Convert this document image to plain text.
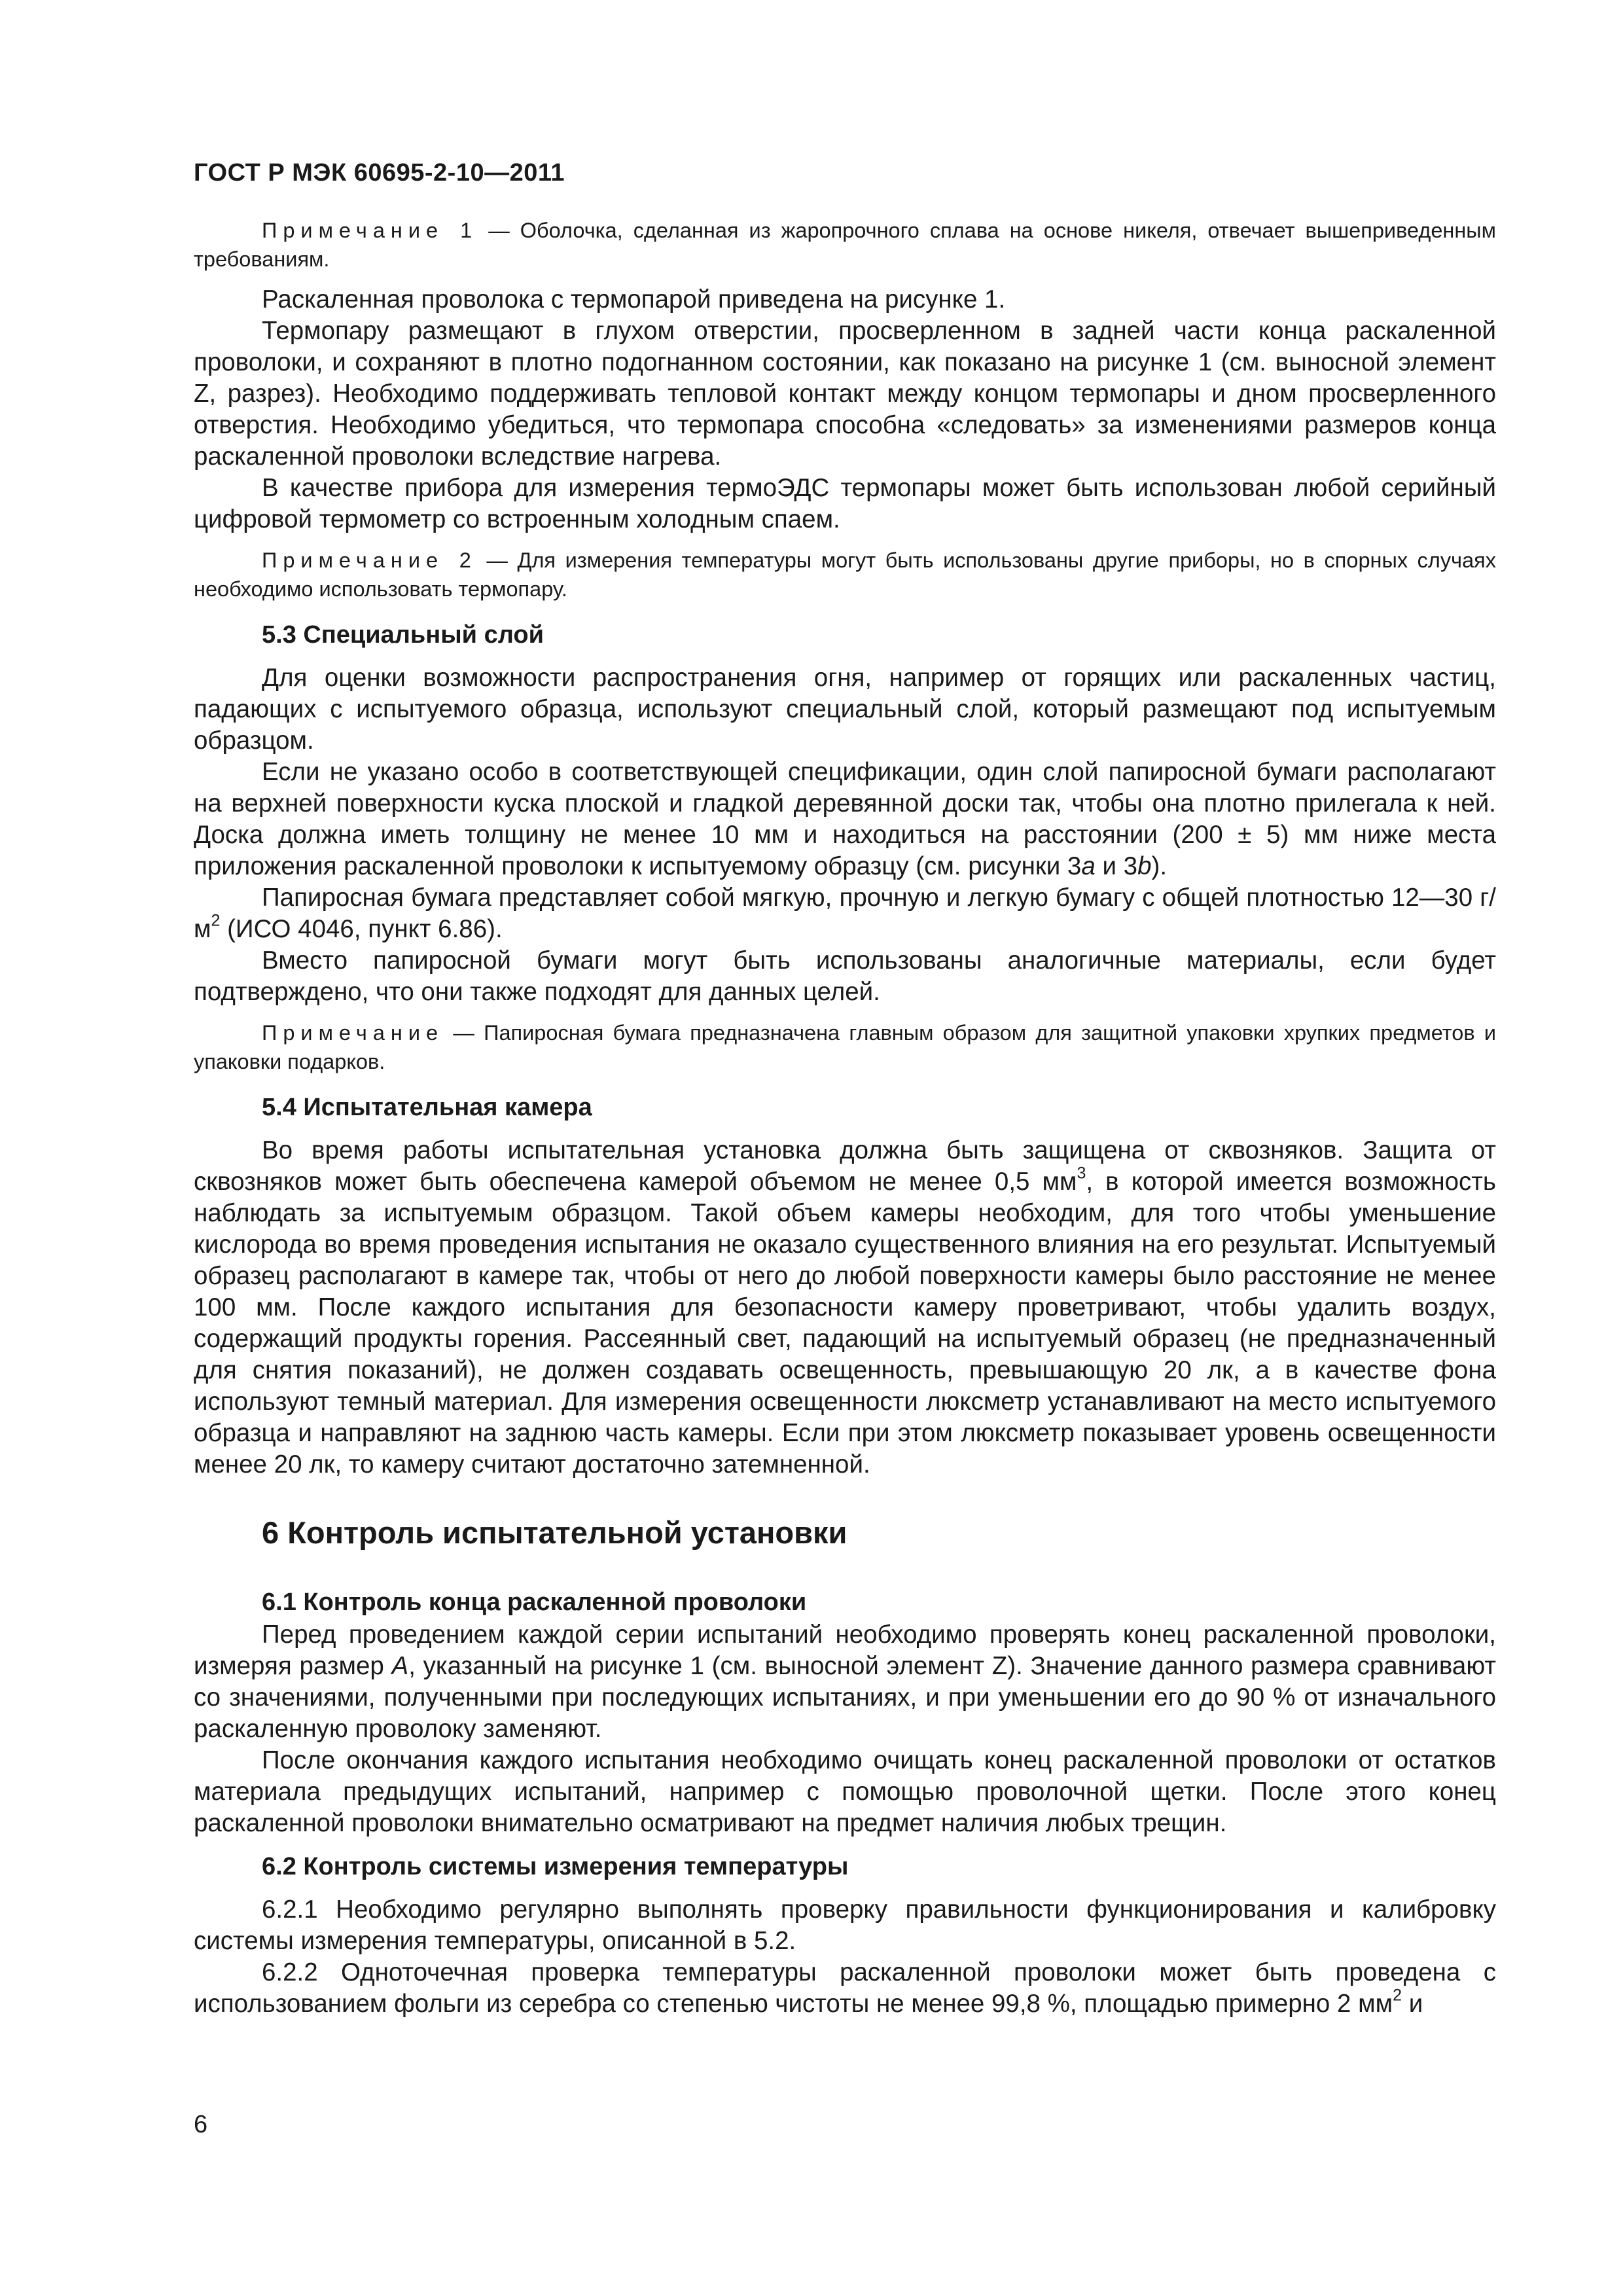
ГОСТ Р МЭК 60695-2-10—2011

Примечание 1 — Оболочка, сделанная из жаропрочного сплава на основе никеля, отвечает вышеприведенным требованиям.

Раскаленная проволока с термопарой приведена на рисунке 1.

Термопару размещают в глухом отверстии, просверленном в задней части конца раскаленной проволоки, и сохраняют в плотно подогнанном состоянии, как показано на рисунке 1 (см. выносной элемент Z, разрез). Необходимо поддерживать тепловой контакт между концом термопары и дном просверленного отверстия. Необходимо убедиться, что термопара способна «следовать» за изменениями размеров конца раскаленной проволоки вследствие нагрева.

В качестве прибора для измерения термоЭДС термопары может быть использован любой серийный цифровой термометр со встроенным холодным спаем.

Примечание 2 — Для измерения температуры могут быть использованы другие приборы, но в спорных случаях необходимо использовать термопару.

5.3 Специальный слой

Для оценки возможности распространения огня, например от горящих или раскаленных частиц, падающих с испытуемого образца, используют специальный слой, который размещают под испытуемым образцом.

Если не указано особо в соответствующей спецификации, один слой папиросной бумаги располагают на верхней поверхности куска плоской и гладкой деревянной доски так, чтобы она плотно прилегала к ней. Доска должна иметь толщину не менее 10 мм и находиться на расстоянии (200 ± 5) мм ниже места приложения раскаленной проволоки к испытуемому образцу (см. рисунки 3a и 3b).

Папиросная бумага представляет собой мягкую, прочную и легкую бумагу с общей плотностью 12—30 $г/м^2$ (ИСО 4046, пункт 6.86).

Вместо папиросной бумаги могут быть использованы аналогичные материалы, если будет подтверждено, что они также подходят для данных целей.

Примечание — Папиросная бумага предназначена главным образом для защитной упаковки хрупких предметов и упаковки подарков.

5.4 Испытательная камера

Во время работы испытательная установка должна быть защищена от сквозняков. Защита от сквозняков может быть обеспечена камерой объемом не менее 0,5 $мм^3$, в которой имеется возможность наблюдать за испытуемым образцом. Такой объем камеры необходим, для того чтобы уменьшение кислорода во время проведения испытания не оказало существенного влияния на его результат. Испытуемый образец располагают в камере так, чтобы от него до любой поверхности камеры было расстояние не менее 100 мм. После каждого испытания для безопасности камеру проветривают, чтобы удалить воздух, содержащий продукты горения. Рассеянный свет, падающий на испытуемый образец (не предназначенный для снятия показаний), не должен создавать освещенность, превышающую 20 лк, а в качестве фона используют темный материал. Для измерения освещенности люксметр устанавливают на место испытуемого образца и направляют на заднюю часть камеры. Если при этом люксметр показывает уровень освещенности менее 20 лк, то камеру считают достаточно затемненной.

6 Контроль испытательной установки
6.1 Контроль конца раскаленной проволоки

Перед проведением каждой серии испытаний необходимо проверять конец раскаленной проволоки, измеряя размер A, указанный на рисунке 1 (см. выносной элемент Z). Значение данного размера сравнивают со значениями, полученными при последующих испытаниях, и при уменьшении его до 90 % от изначального раскаленную проволоку заменяют.

После окончания каждого испытания необходимо очищать конец раскаленной проволоки от остатков материала предыдущих испытаний, например с помощью проволочной щетки. После этого конец раскаленной проволоки внимательно осматривают на предмет наличия любых трещин.

6.2 Контроль системы измерения температуры

6.2.1 Необходимо регулярно выполнять проверку правильности функционирования и калибровку системы измерения температуры, описанной в 5.2.

6.2.2 Одноточечная проверка температуры раскаленной проволоки может быть проведена с использованием фольги из серебра со степенью чистоты не менее 99,8 %, площадью примерно 2 $мм^2$ и

6
